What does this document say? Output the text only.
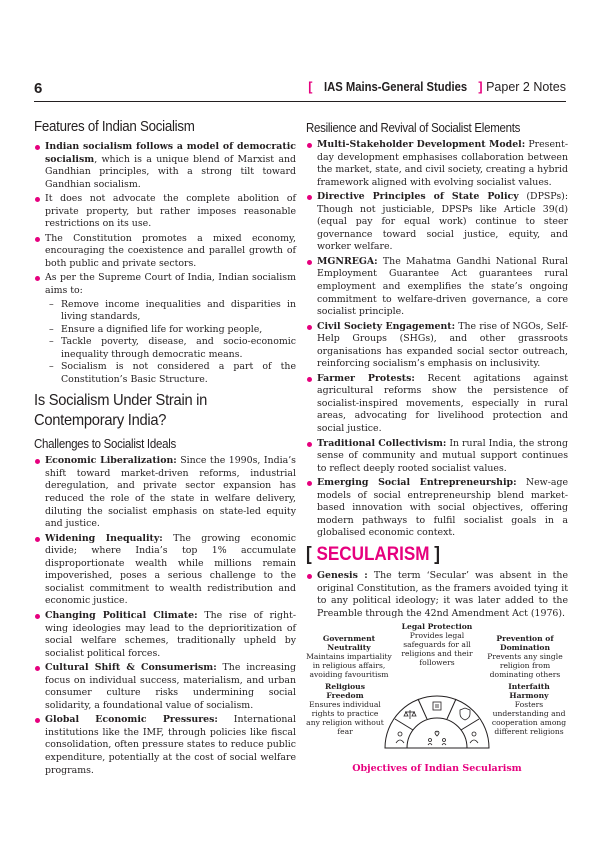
6	[ IAS Mains-General Studies ] Paper 2 Notes
Features of Indian Socialism
Indian socialism follows a model of democratic socialism, which is a unique blend of Marxist and Gandhian principles, with a strong tilt toward Gandhian socialism.
It does not advocate the complete abolition of private property, but rather imposes reasonable restrictions on its use.
The Constitution promotes a mixed economy, encouraging the coexistence and parallel growth of both public and private sectors.
As per the Supreme Court of India, Indian socialism aims to:
– Remove income inequalities and disparities in living standards,
– Ensure a dignified life for working people,
– Tackle poverty, disease, and socio-economic inequality through democratic means.
– Socialism is not considered a part of the Constitution’s Basic Structure.
Is Socialism Under Strain in
Contemporary India?
Challenges to Socialist Ideals
Economic Liberalization: Since the 1990s, India’s shift toward market-driven reforms, industrial deregulation, and private sector expansion has reduced the role of the state in welfare delivery, diluting the socialist emphasis on state-led equity and justice.
Widening Inequality: The growing economic divide; where India’s top 1% accumulate disproportionate wealth while millions remain impoverished, poses a serious challenge to the socialist commitment to wealth redistribution and economic justice.
Changing Political Climate: The rise of right-wing ideologies may lead to the deprioritization of social welfare schemes, traditionally upheld by socialist political forces.
Cultural Shift & Consumerism: The increasing focus on individual success, materialism, and urban consumer culture risks undermining social solidarity, a foundational value of socialism.
Global Economic Pressures: International institutions like the IMF, through policies like fiscal consolidation, often pressure states to reduce public expenditure, potentially at the cost of social welfare programs.
Resilience and Revival of Socialist Elements
Multi-Stakeholder Development Model: Present-day development emphasises collaboration between the market, state, and civil society, creating a hybrid framework aligned with evolving socialist values.
Directive Principles of State Policy (DPSPs): Though not justiciable, DPSPs like Article 39(d) (equal pay for equal work) continue to steer governance toward social justice, equity, and worker welfare.
MGNREGA: The Mahatma Gandhi National Rural Employment Guarantee Act guarantees rural employment and exemplifies the state’s ongoing commitment to welfare-driven governance, a core socialist principle.
Civil Society Engagement: The rise of NGOs, Self-Help Groups (SHGs), and other grassroots organisations has expanded social sector outreach, reinforcing socialism’s emphasis on inclusivity.
Farmer Protests: Recent agitations against agricultural reforms show the persistence of socialist-inspired movements, especially in rural areas, advocating for livelihood protection and social justice.
Traditional Collectivism: In rural India, the strong sense of community and mutual support continues to reflect deeply rooted socialist values.
Emerging Social Entrepreneurship: New-age models of social entrepreneurship blend market-based innovation with social objectives, offering modern pathways to fulfil socialist goals in a globalised economic context.
[ SECULARISM ]
Genesis : The term ‘Secular’ was absent in the original Constitution, as the framers avoided tying it to any political ideology; it was later added to the Preamble through the 42nd Amendment Act (1976).
Legal Protection
Provides legal safeguards for all religions and their followers
Government Neutrality
Maintains impartiality in religious affairs, avoiding favouritism
Prevention of Domination
Prevents any single religion from dominating others
Religious Freedom
Ensures individual rights to practice any religion without fear
Interfaith Harmony
Fosters understanding and cooperation among different religions
Objectives of Indian Secularism
